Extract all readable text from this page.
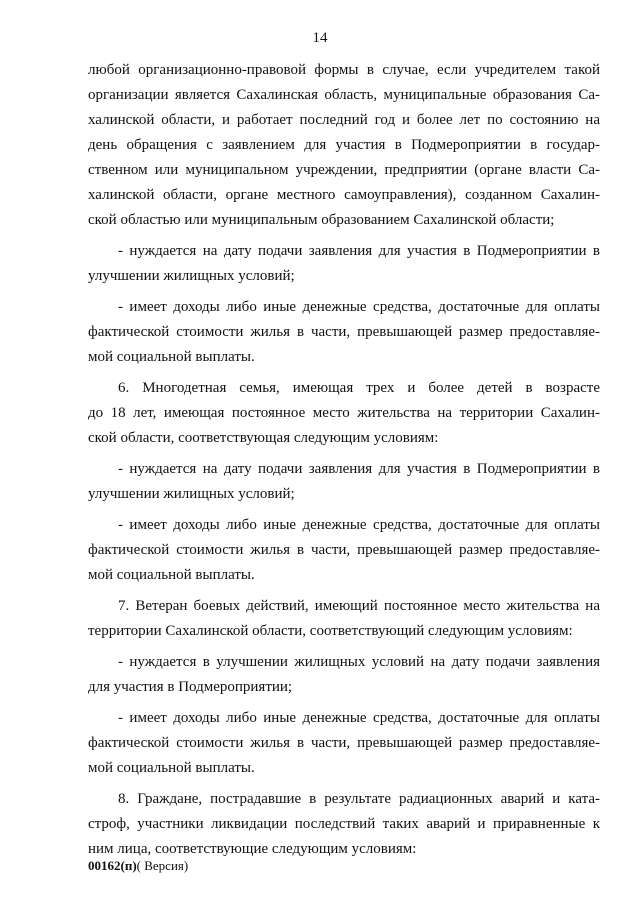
14
любой организационно-правовой формы в случае, если учредителем такой
организации является Сахалинская область, муниципальные образования Са-
халинской области, и работает последний год и более лет по состоянию на
день обращения с заявлением для участия в Подмероприятии в государ-
ственном или муниципальном учреждении, предприятии (органе власти Са-
халинской области, органе местного самоуправления), созданном Сахалин-
ской областью или муниципальным образованием Сахалинской области;
- нуждается на дату подачи заявления для участия в Подмероприятии в
улучшении жилищных условий;
- имеет доходы либо иные денежные средства, достаточные для оплаты
фактической стоимости жилья в части, превышающей размер предоставляе-
мой социальной выплаты.
6. Многодетная семья, имеющая трех и более детей в возрасте
до 18 лет, имеющая постоянное место жительства на территории Сахалин-
ской области, соответствующая следующим условиям:
- нуждается на дату подачи заявления для участия в Подмероприятии в
улучшении жилищных условий;
- имеет доходы либо иные денежные средства, достаточные для оплаты
фактической стоимости жилья в части, превышающей размер предоставляе-
мой социальной выплаты.
7. Ветеран боевых действий, имеющий постоянное место жительства на
территории Сахалинской области, соответствующий следующим условиям:
- нуждается в улучшении жилищных условий на дату подачи заявления
для участия в Подмероприятии;
- имеет доходы либо иные денежные средства, достаточные для оплаты
фактической стоимости жилья в части, превышающей размер предоставляе-
мой социальной выплаты.
8. Граждане, пострадавшие в результате радиационных аварий и ката-
строф, участники ликвидации последствий таких аварий и приравненные к
ним лица, соответствующие следующим условиям:
00162(п)( Версия)
